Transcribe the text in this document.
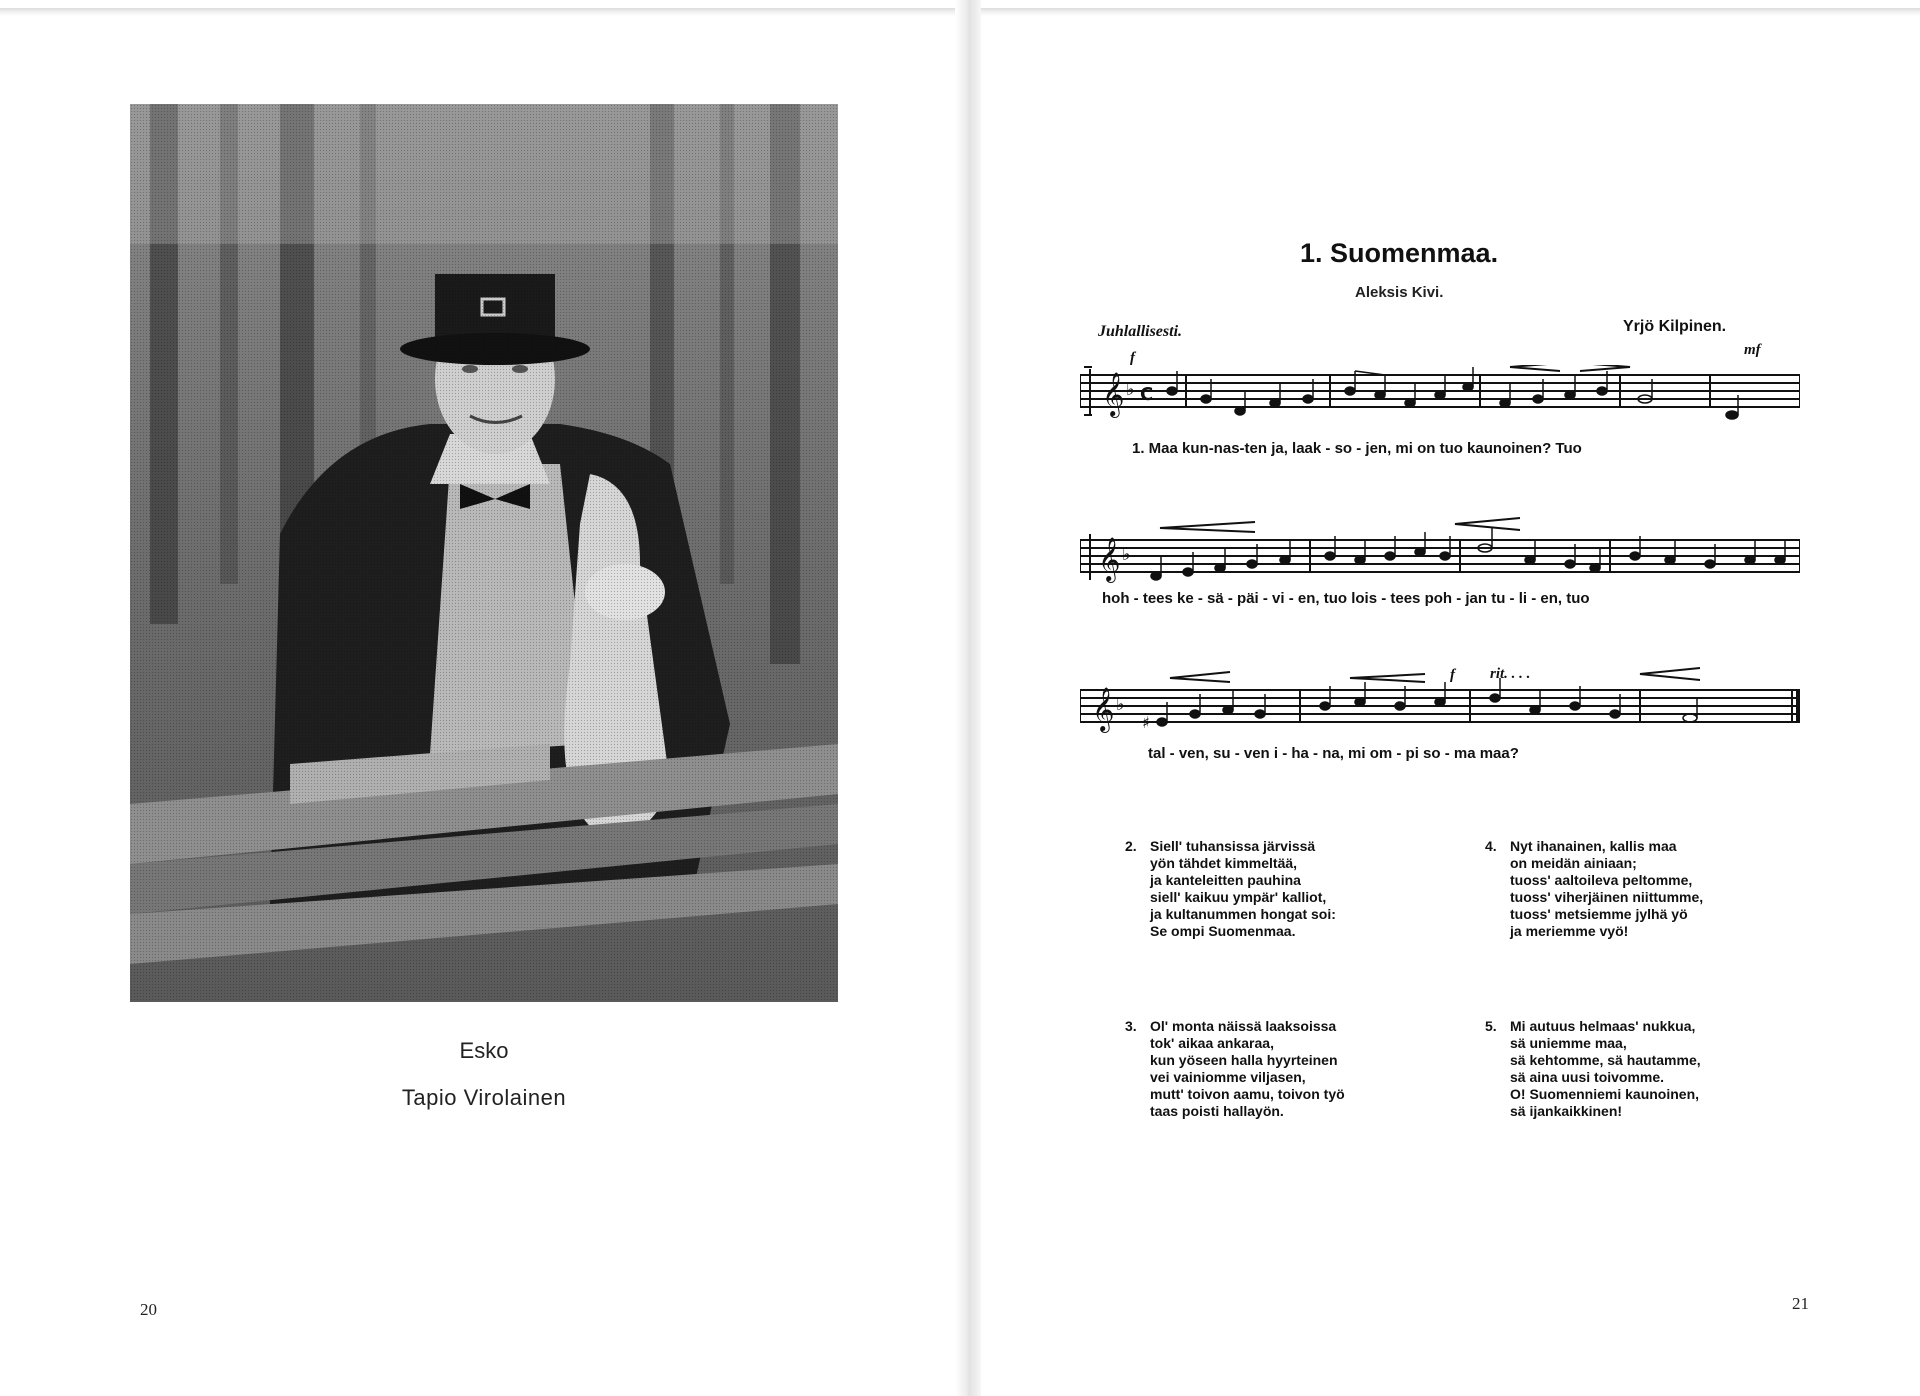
Esko
Tapio Virolainen
20
1. Suomenmaa.
Aleksis Kivi.
Juhlallisesti.	Yrjö Kilpinen.
f	mf
𝄞 ♭ C
1. Maa kun-nas-ten ja, laak - so - jen, mi on tuo kaunoinen? Tuo
𝄞 ♭
hoh - tees ke - sä - päi - vi - en, tuo lois - tees poh - jan tu - li - en, tuo
f rit. . . .
𝄞 ♭
♯
tal - ven, su - ven i - ha - na, mi om - pi so - ma maa?
2. Siell' tuhansissa järvissä
yön tähdet kimmeltää,
ja kanteleitten pauhina
siell' kaikuu ympär' kalliot,
ja kultanummen hongat soi:
Se ompi Suomenmaa.
4. Nyt ihanainen, kallis maa
on meidän ainiaan;
tuoss' aaltoileva peltomme,
tuoss' viherjäinen niittumme,
tuoss' metsiemme jylhä yö
ja meriemme vyö!
3. Ol' monta näissä laaksoissa
tok' aikaa ankaraa,
kun yöseen halla hyyrteinen
vei vainiomme viljasen,
mutt' toivon aamu, toivon työ
taas poisti hallayön.
5. Mi autuus helmaas' nukkua,
sä uniemme maa,
sä kehtomme, sä hautamme,
sä aina uusi toivomme.
O! Suomenniemi kaunoinen,
sä ijankaikkinen!
21
